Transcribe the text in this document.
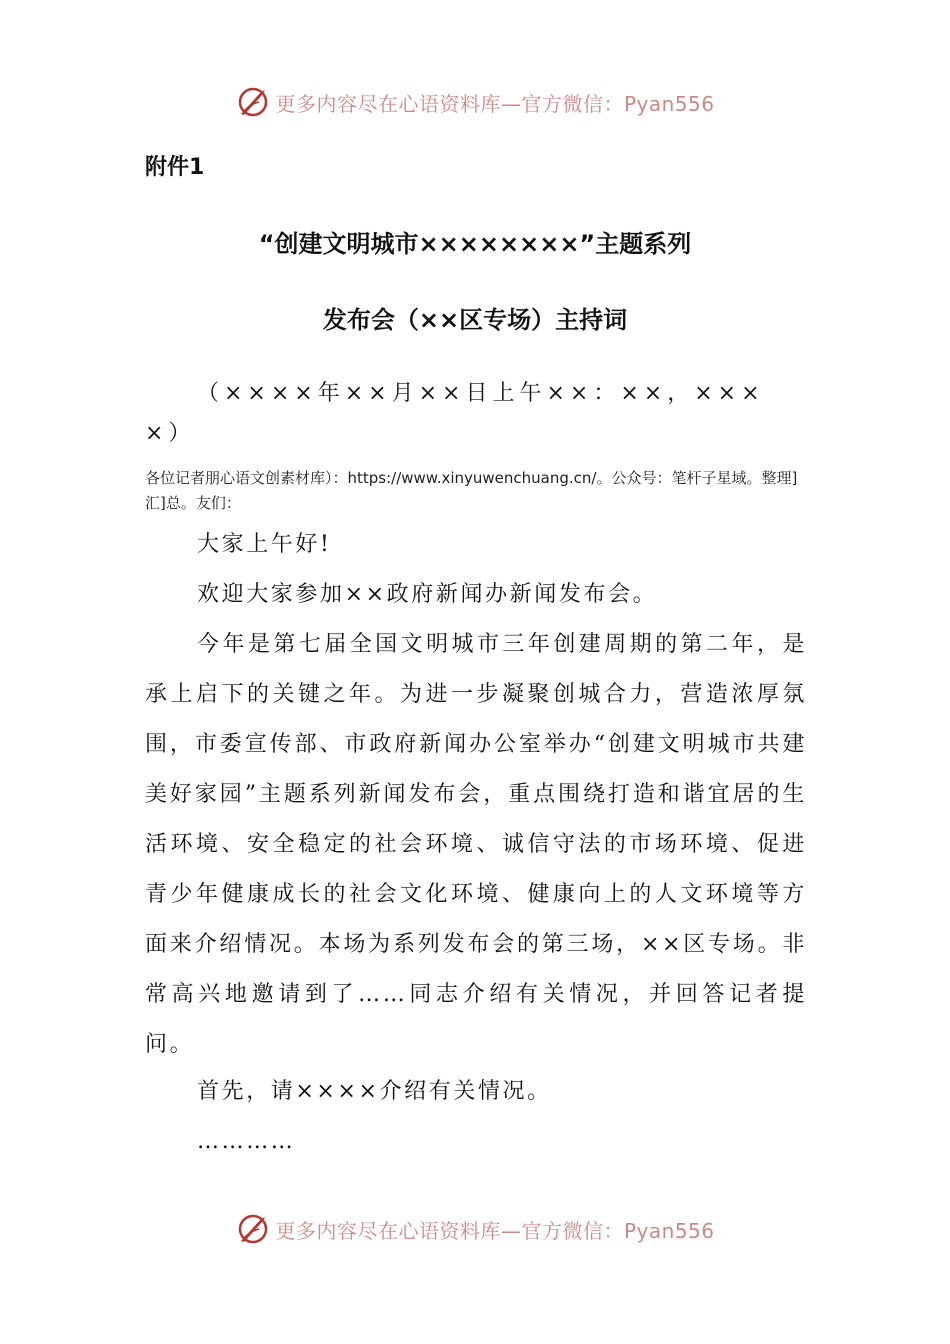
更多内容尽在心语资料库—官方微信：Pyan556
附件1
“创建文明城市××××××××”主题系列
发布会（××区专场）主持词
（××××年××月××日上午××：××，××× ×）
各位记者朋心语文创素材库）：https://www.xinyuwenchuang.cn/。公众号：笔杆子星域。整理]汇]总。友们：

大家上午好!

欢迎大家参加××政府新闻办新闻发布会。

今年是第七届全国文明城市三年创建周期的第二年，是承上启下的关键之年。为进一步凝聚创城合力，营造浓厚氛围，市委宣传部、市政府新闻办公室举办“创建文明城市共建美好家园”主题系列新闻发布会，重点围绕打造和谐宜居的生活环境、安全稳定的社会环境、诚信守法的市场环境、促进青少年健康成长的社会文化环境、健康向上的人文环境等方面来介绍情况。本场为系列发布会的第三场，××区专场。非常高兴地邀请到了……同志介绍有关情况，并回答记者提问。

首先，请××××介绍有关情况。

…………

更多内容尽在心语资料库—官方微信：Pyan556
